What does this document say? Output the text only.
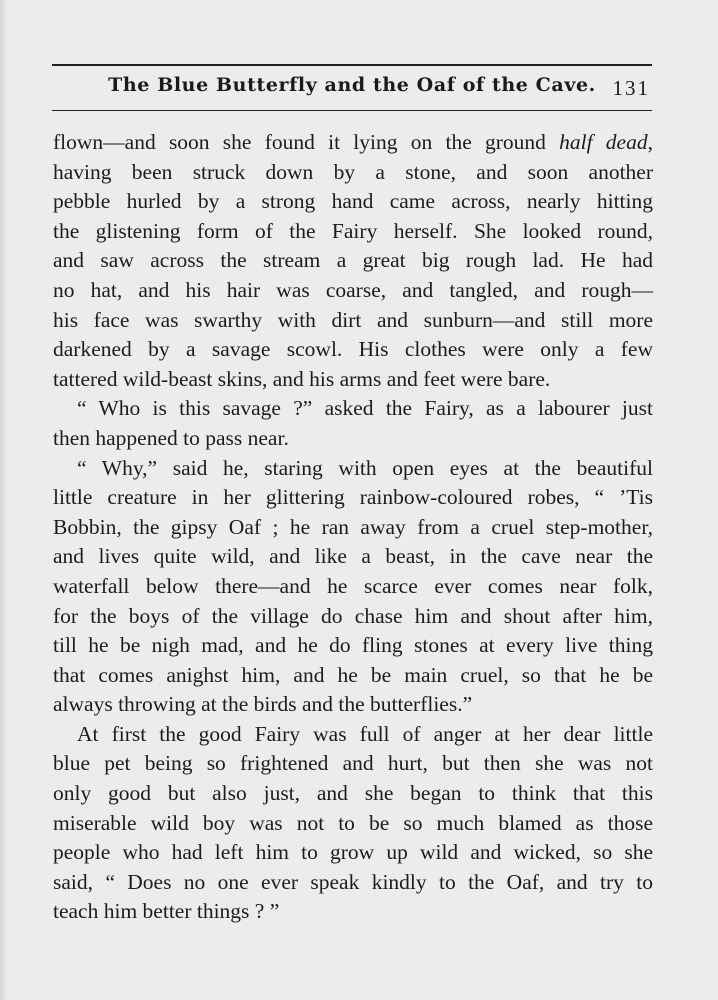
The Blue Butterfly and the Oaf of the Cave. 131
flown—and soon she found it lying on the ground half dead,
having been struck down by a stone, and soon another
pebble hurled by a strong hand came across, nearly hitting
the glistening form of the Fairy herself. She looked round,
and saw across the stream a great big rough lad. He had
no hat, and his hair was coarse, and tangled, and rough—
his face was swarthy with dirt and sunburn—and still more
darkened by a savage scowl. His clothes were only a few
tattered wild-beast skins, and his arms and feet were bare.
“ Who is this savage ?” asked the Fairy, as a labourer just
then happened to pass near.
“ Why,” said he, staring with open eyes at the beautiful
little creature in her glittering rainbow-coloured robes, “ ’Tis
Bobbin, the gipsy Oaf ; he ran away from a cruel step-mother,
and lives quite wild, and like a beast, in the cave near the
waterfall below there—and he scarce ever comes near folk,
for the boys of the village do chase him and shout after him,
till he be nigh mad, and he do fling stones at every live thing
that comes anighst him, and he be main cruel, so that he be
always throwing at the birds and the butterflies.”
At first the good Fairy was full of anger at her dear little
blue pet being so frightened and hurt, but then she was not
only good but also just, and she began to think that this
miserable wild boy was not to be so much blamed as those
people who had left him to grow up wild and wicked, so she
said, “ Does no one ever speak kindly to the Oaf, and try to
teach him better things ? ”
